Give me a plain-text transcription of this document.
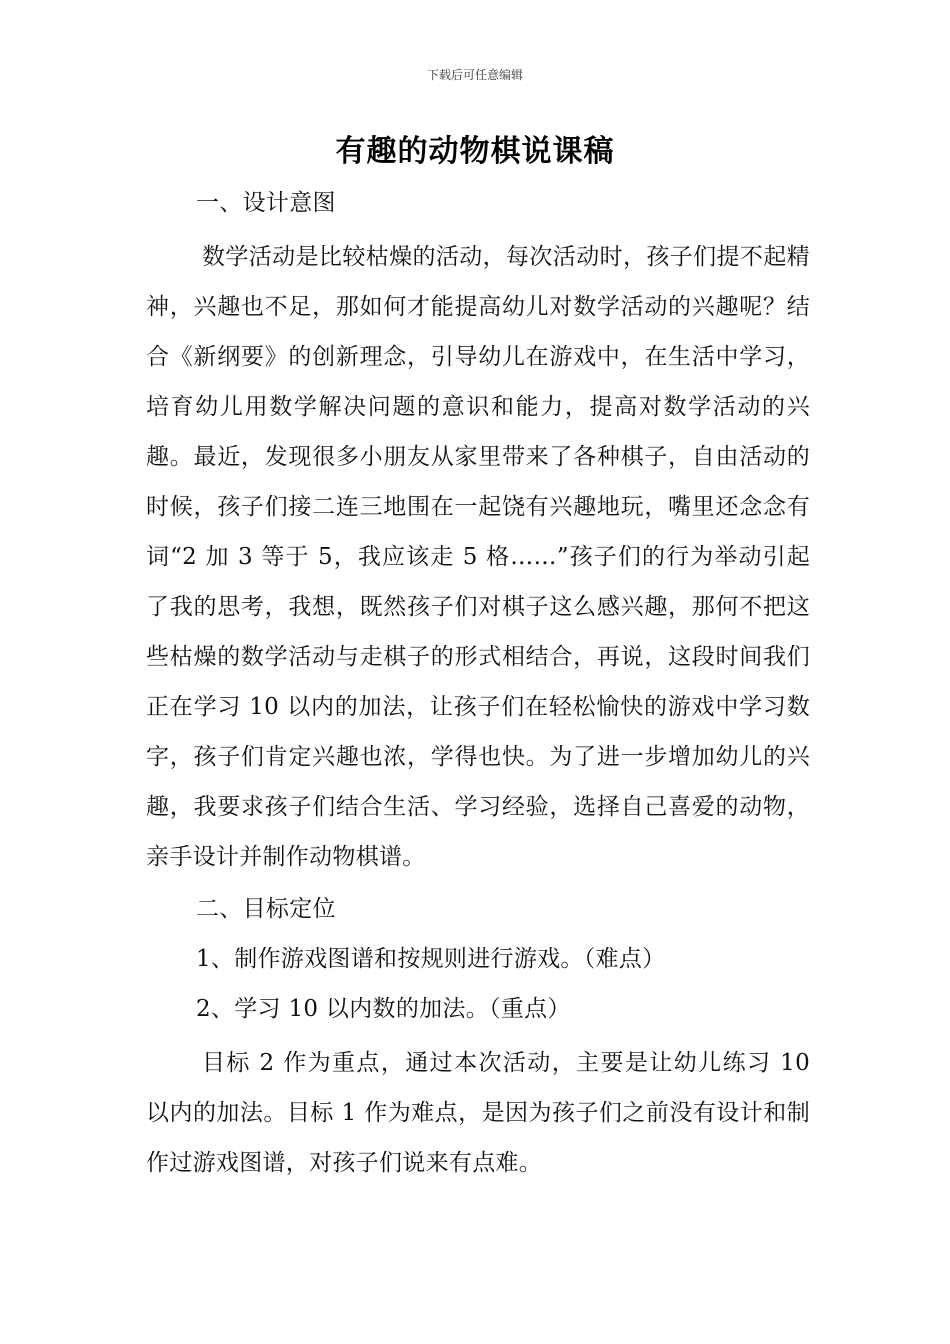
下载后可任意编辑
有趣的动物棋说课稿

一、设计意图

数学活动是比较枯燥的活动，每次活动时，孩子们提不起精神，兴趣也不足，那如何才能提高幼儿对数学活动的兴趣呢？结合《新纲要》的创新理念，引导幼儿在游戏中，在生活中学习，培育幼儿用数学解决问题的意识和能力，提高对数学活动的兴趣。最近，发现很多小朋友从家里带来了各种棋子，自由活动的时候，孩子们接二连三地围在一起饶有兴趣地玩，嘴里还念念有词“2 加 3 等于 5，我应该走 5 格……”孩子们的行为举动引起了我的思考，我想，既然孩子们对棋子这么感兴趣，那何不把这些枯燥的数学活动与走棋子的形式相结合，再说，这段时间我们正在学习 10 以内的加法，让孩子们在轻松愉快的游戏中学习数字，孩子们肯定兴趣也浓，学得也快。为了进一步增加幼儿的兴趣，我要求孩子们结合生活、学习经验，选择自己喜爱的动物，亲手设计并制作动物棋谱。

二、目标定位

1、制作游戏图谱和按规则进行游戏。（难点）

2、学习 10 以内数的加法。（重点）

目标 2 作为重点，通过本次活动，主要是让幼儿练习 10 以内的加法。目标 1 作为难点，是因为孩子们之前没有设计和制作过游戏图谱，对孩子们说来有点难。
